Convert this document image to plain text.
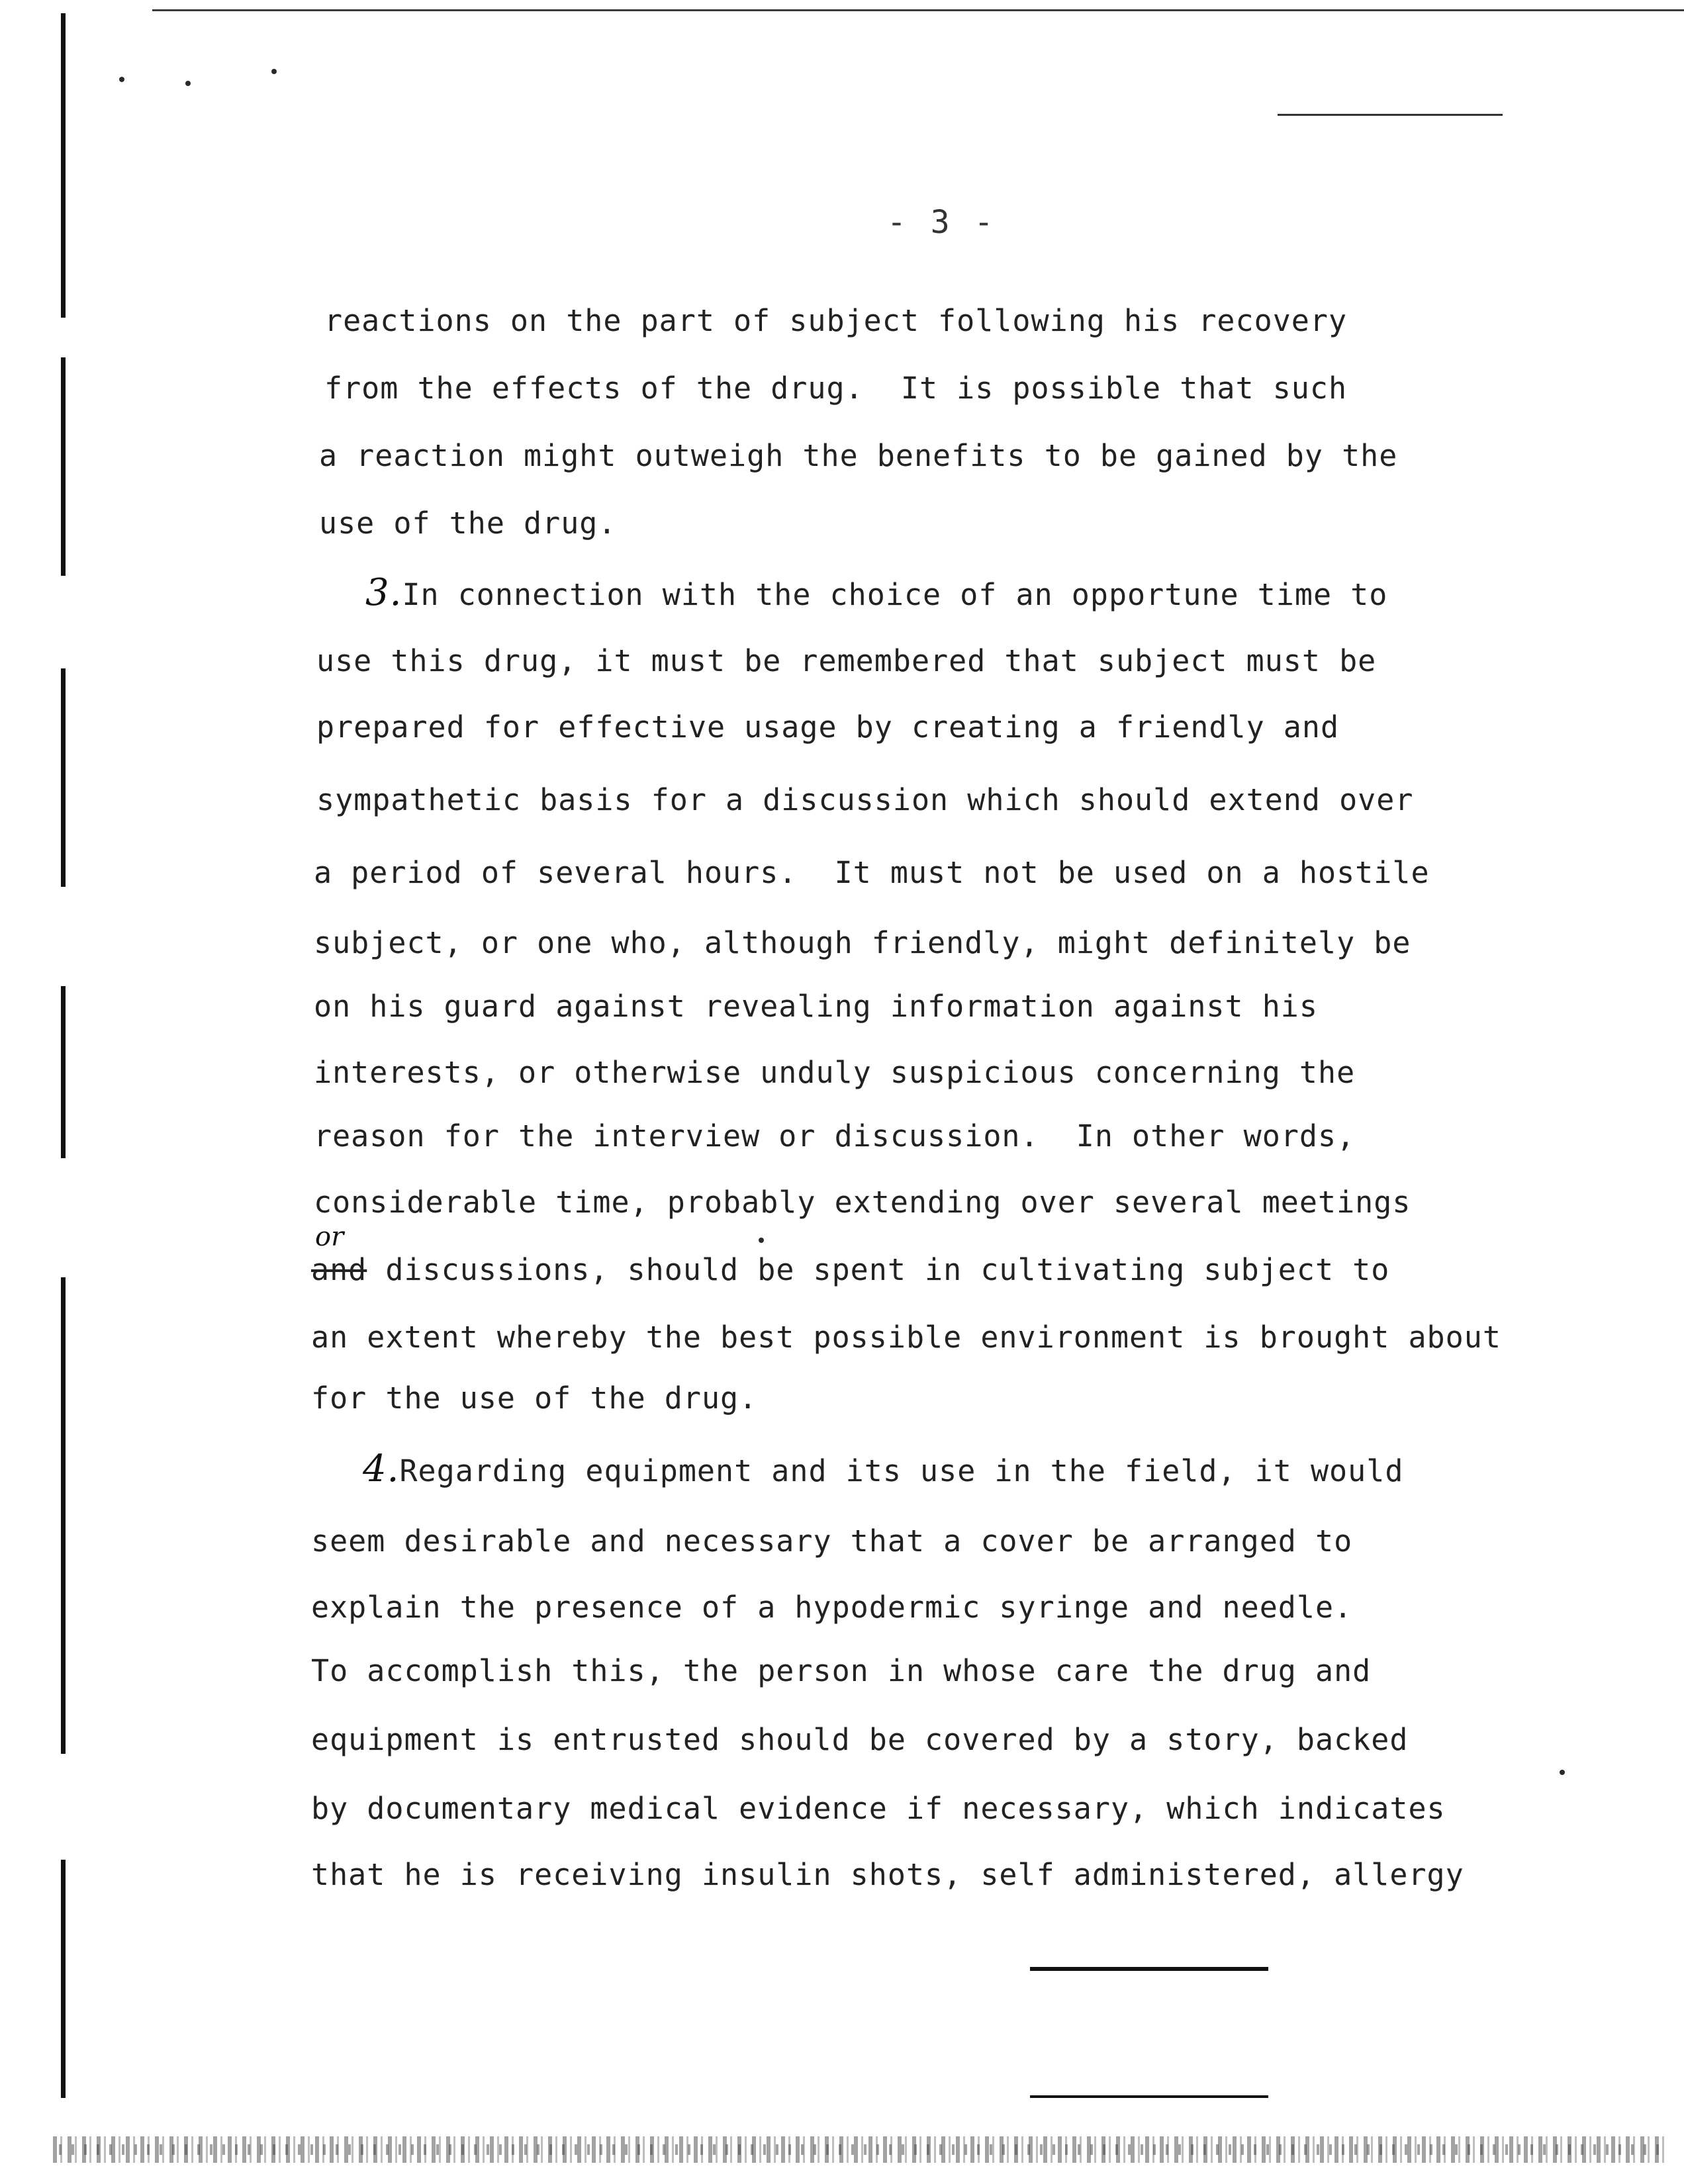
- 3 -
reactions on the part of subject following his recovery
from the effects of the drug.  It is possible that such
a reaction might outweigh the benefits to be gained by the
use of the drug.
3.In connection with the choice of an opportune time to
use this drug, it must be remembered that subject must be
prepared for effective usage by creating a friendly and
sympathetic basis for a discussion which should extend over
a period of several hours.  It must not be used on a hostile
subject, or one who, although friendly, might definitely be
on his guard against revealing information against his
interests, or otherwise unduly suspicious concerning the
reason for the interview or discussion.  In other words,
considerable time, probably extending over several meetings
or
and discussions, should be spent in cultivating subject to
an extent whereby the best possible environment is brought about
for the use of the drug.
4.Regarding equipment and its use in the field, it would
seem desirable and necessary that a cover be arranged to
explain the presence of a hypodermic syringe and needle.
To accomplish this, the person in whose care the drug and
equipment is entrusted should be covered by a story, backed
by documentary medical evidence if necessary, which indicates
that he is receiving insulin shots, self administered, allergy
